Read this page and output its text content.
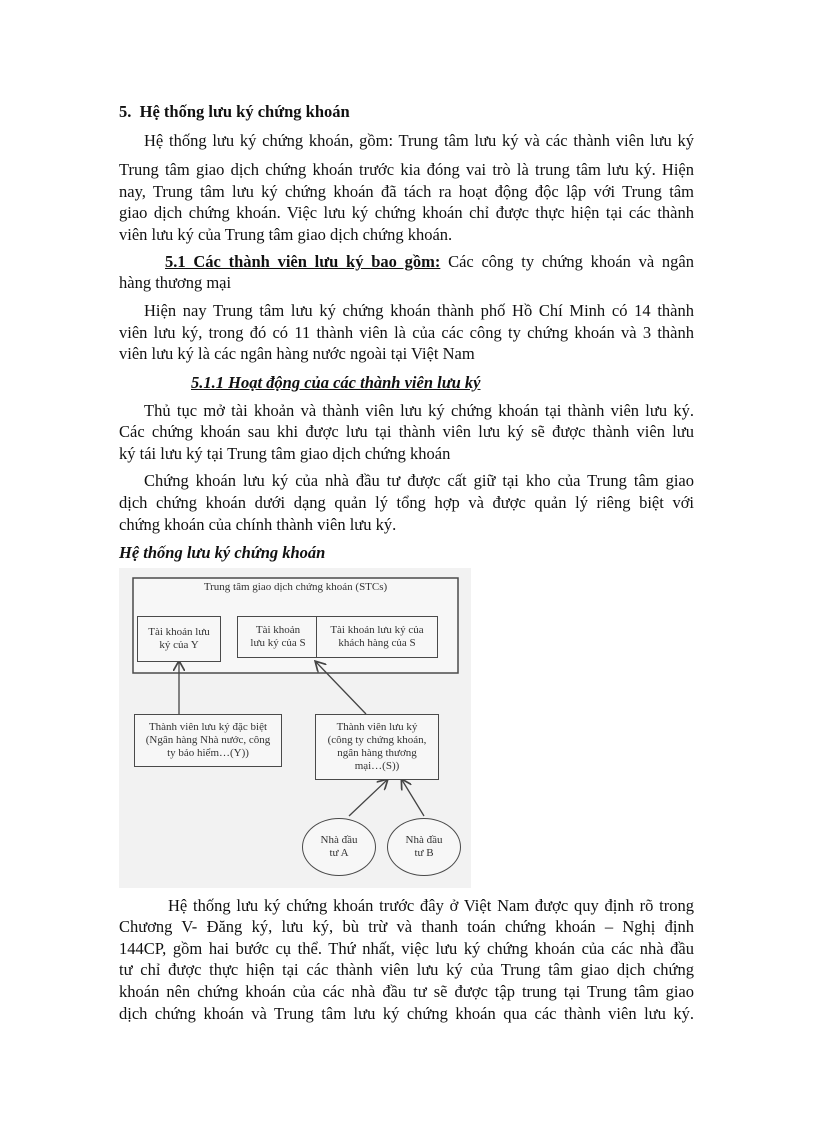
5. Hệ thống lưu ký chứng khoán
Hệ thống lưu ký chứng khoán, gồm: Trung tâm lưu ký và các thành viên lưu ký
Trung tâm giao dịch chứng khoán trước kia đóng vai trò là trung tâm lưu ký. Hiện
nay, Trung tâm lưu ký chứng khoán đã tách ra hoạt động độc lập với Trung tâm
giao dịch chứng khoán. Việc lưu ký chứng khoán chỉ được thực hiện tại các thành
viên lưu ký của Trung tâm giao dịch chứng khoán.
5.1 Các thành viên lưu ký bao gồm: Các công ty chứng khoán và ngân
hàng thương mại
Hiện nay Trung tâm lưu ký chứng khoán thành phố Hồ Chí Minh có 14 thành
viên lưu ký, trong đó có 11 thành viên là của các công ty chứng khoán và 3 thành
viên lưu ký là các ngân hàng nước ngoài tại Việt Nam
5.1.1 Hoạt động của các thành viên lưu ký
Thủ tục mở tài khoản và thành viên lưu ký chứng khoán tại thành viên lưu ký.
Các chứng khoán sau khi được lưu tại thành viên lưu ký sẽ được thành viên lưu
ký tái lưu ký tại Trung tâm giao dịch chứng khoán
Chứng khoán lưu ký của nhà đầu tư được cất giữ tại kho của Trung tâm giao
dịch chứng khoán dưới dạng quản lý tổng hợp và được quản lý riêng biệt với
chứng khoán của chính thành viên lưu ký.
Hệ thống lưu ký chứng khoán
Trung tâm giao dịch chứng khoán (STCs)
Tài khoản lưu
ký của Y
Tài khoản
lưu ký của S
Tài khoản lưu ký của
khách hàng của S
Thành viên lưu ký đặc biệt
(Ngân hàng Nhà nước, công
ty bảo hiểm…(Y))
Thành viên lưu ký
(công ty chứng khoán,
ngân hàng thương
mại…(S))
Nhà đầu
tư A
Nhà đầu
tư B
Hệ thống lưu ký chứng khoán trước đây ở Việt Nam được quy định rõ trong
Chương V- Đăng ký, lưu ký, bù trừ và thanh toán chứng khoán – Nghị định
144CP, gồm hai bước cụ thể. Thứ nhất, việc lưu ký chứng khoán của các nhà đầu
tư chỉ được thực hiện tại các thành viên lưu ký của Trung tâm giao dịch chứng
khoán nên chứng khoán của các nhà đầu tư sẽ được tập trung tại Trung tâm giao
dịch chứng khoán và Trung tâm lưu ký chứng khoán qua các thành viên lưu ký.
